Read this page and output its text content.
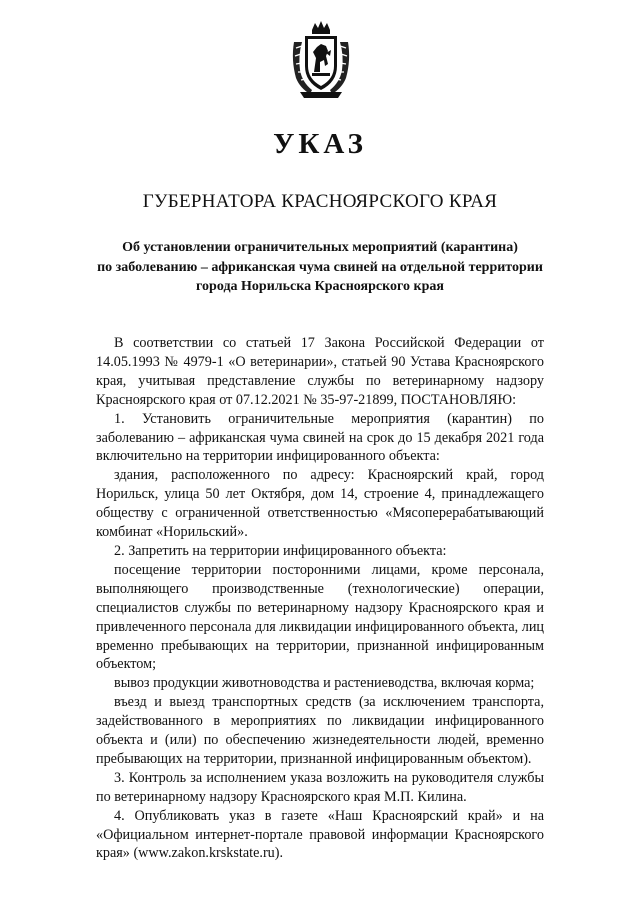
УКАЗ
ГУБЕРНАТОРА КРАСНОЯРСКОГО КРАЯ
Об установлении ограничительных мероприятий (карантина)
по заболеванию – африканская чума свиней на отдельной территории
города Норильска Красноярского края

В соответствии со статьей 17 Закона Российской Федерации от 14.05.1993 № 4979-1 «О ветеринарии», статьей 90 Устава Красноярского края, учитывая представление службы по ветеринарному надзору Красноярского края от 07.12.2021 № 35-97-21899, ПОСТАНОВЛЯЮ:

1. Установить ограничительные мероприятия (карантин) по заболеванию – африканская чума свиней на срок до 15 декабря 2021 года включительно на территории инфицированного объекта:

здания, расположенного по адресу: Красноярский край, город Норильск, улица 50 лет Октября, дом 14, строение 4, принадлежащего обществу с ограниченной ответственностью «Мясоперерабатывающий комбинат «Норильский».

2. Запретить на территории инфицированного объекта:

посещение территории посторонними лицами, кроме персонала, выполняющего производственные (технологические) операции, специалистов службы по ветеринарному надзору Красноярского края и привлеченного персонала для ликвидации инфицированного объекта, лиц временно пребывающих на территории, признанной инфицированным объектом;

вывоз продукции животноводства и растениеводства, включая корма;

въезд и выезд транспортных средств (за исключением транспорта, задействованного в мероприятиях по ликвидации инфицированного объекта и (или) по обеспечению жизнедеятельности людей, временно пребывающих на территории, признанной инфицированным объектом).

3. Контроль за исполнением указа возложить на руководителя службы по ветеринарному надзору Красноярского края М.П. Килина.

4. Опубликовать указ в газете «Наш Красноярский край» и на «Официальном интернет-портале правовой информации Красноярского края» (www.zakon.krskstate.ru).
